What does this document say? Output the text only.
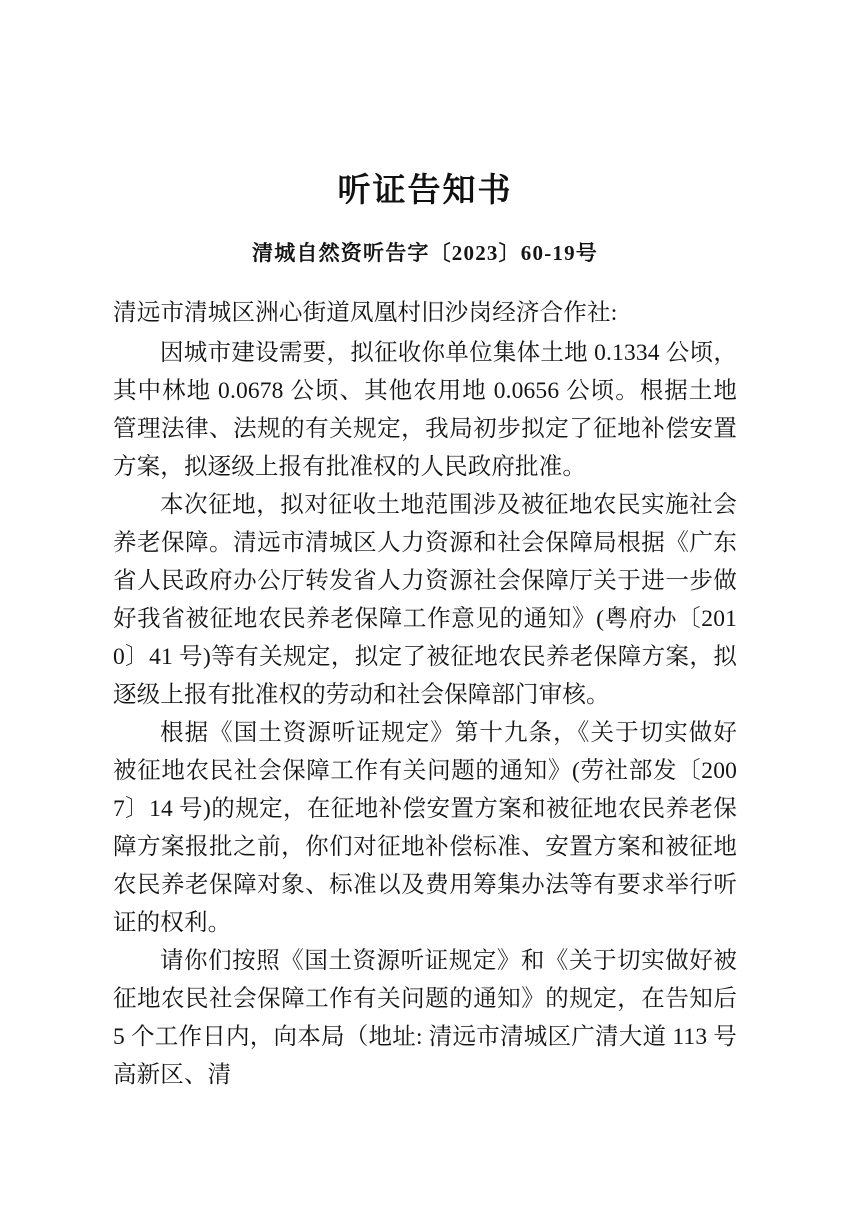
听证告知书
清城自然资听告字〔2023〕60-19号
清远市清城区洲心街道凤凰村旧沙岗经济合作社:

因城市建设需要，拟征收你单位集体土地 0.1334 公顷，其中林地 0.0678 公顷、其他农用地 0.0656 公顷。根据土地管理法律、法规的有关规定，我局初步拟定了征地补偿安置方案，拟逐级上报有批准权的人民政府批准。

本次征地，拟对征收土地范围涉及被征地农民实施社会养老保障。清远市清城区人力资源和社会保障局根据《广东省人民政府办公厅转发省人力资源社会保障厅关于进一步做好我省被征地农民养老保障工作意见的通知》(粤府办〔2010〕41 号)等有关规定，拟定了被征地农民养老保障方案，拟逐级上报有批准权的劳动和社会保障部门审核。

根据《国土资源听证规定》第十九条，《关于切实做好被征地农民社会保障工作有关问题的通知》(劳社部发〔2007〕14 号)的规定，在征地补偿安置方案和被征地农民养老保障方案报批之前，你们对征地补偿标准、安置方案和被征地农民养老保障对象、标准以及费用筹集办法等有要求举行听证的权利。

请你们按照《国土资源听证规定》和《关于切实做好被征地农民社会保障工作有关问题的通知》的规定，在告知后 5 个工作日内，向本局（地址: 清远市清城区广清大道 113 号高新区、清
